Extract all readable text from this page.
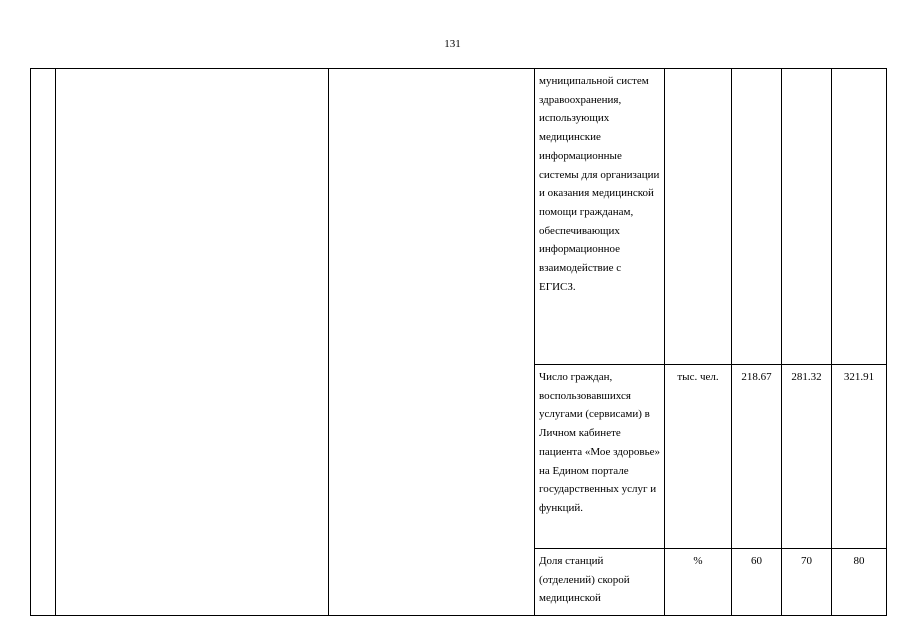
131
			муниципальной систем здравоохранения, использующих медицинские информационные системы для организации и оказания медицинской помощи гражданам, обеспечивающих информационное взаимодействие с ЕГИСЗ.				
			Число граждан, воспользовавшихся услугами (сервисами) в Личном кабинете пациента «Мое здоровье» на Едином портале государственных услуг и функций.	тыс. чел.	218.67	281.32	321.91
			Доля станций (отделений) скорой медицинской	%	60	70	80
